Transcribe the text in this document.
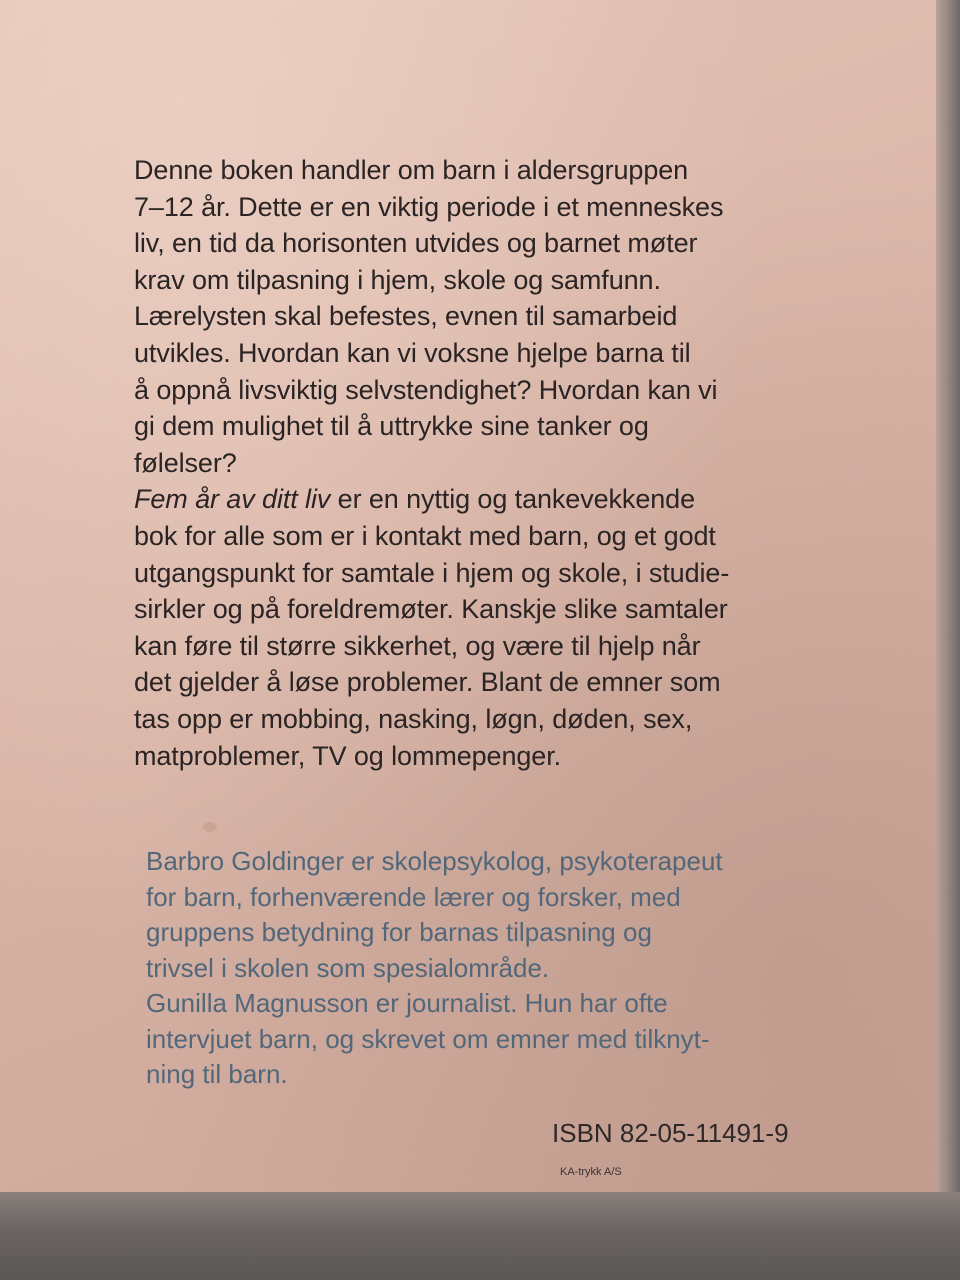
Denne boken handler om barn i aldersgruppen
7–12 år. Dette er en viktig periode i et menneskes
liv, en tid da horisonten utvides og barnet møter
krav om tilpasning i hjem, skole og samfunn.
Lærelysten skal befestes, evnen til samarbeid
utvikles. Hvordan kan vi voksne hjelpe barna til
å oppnå livsviktig selvstendighet? Hvordan kan vi
gi dem mulighet til å uttrykke sine tanker og
følelser?
Fem år av ditt liv er en nyttig og tankevekkende
bok for alle som er i kontakt med barn, og et godt
utgangspunkt for samtale i hjem og skole, i studie-
sirkler og på foreldremøter. Kanskje slike samtaler
kan føre til større sikkerhet, og være til hjelp når
det gjelder å løse problemer. Blant de emner som
tas opp er mobbing, nasking, løgn, døden, sex,
matproblemer, TV og lommepenger.
Barbro Goldinger er skolepsykolog, psykoterapeut
for barn, forhenværende lærer og forsker, med
gruppens betydning for barnas tilpasning og
trivsel i skolen som spesialområde.
Gunilla Magnusson er journalist. Hun har ofte
intervjuet barn, og skrevet om emner med tilknyt-
ning til barn.
ISBN 82-05-11491-9
KA-trykk A/S
